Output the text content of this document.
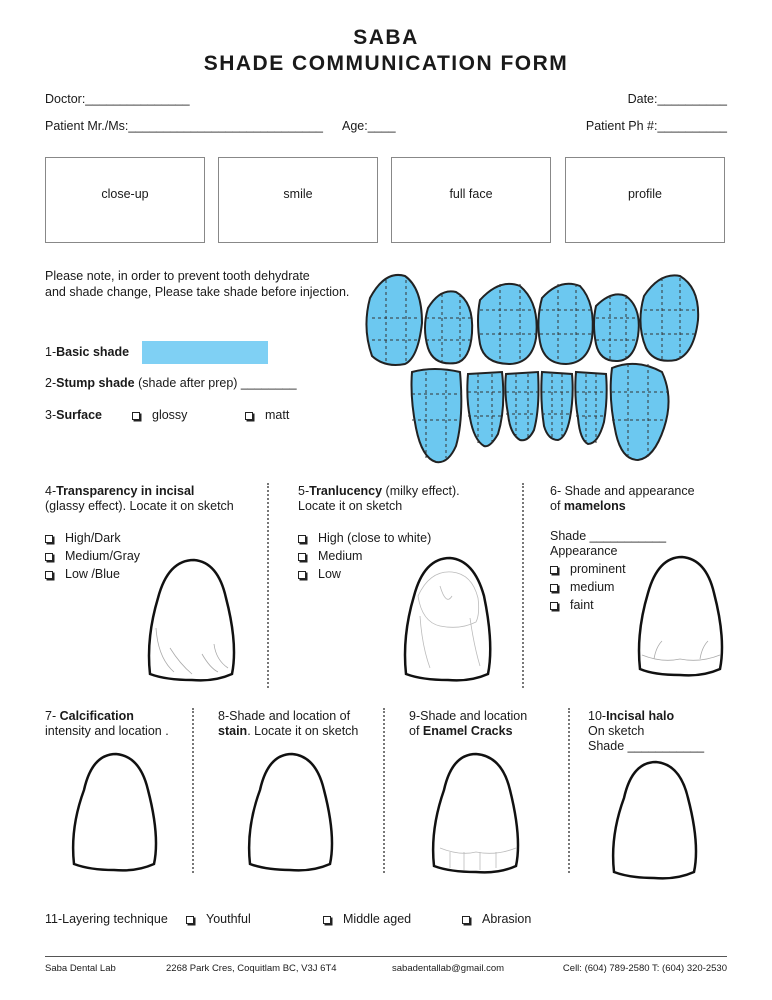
SABA
SHADE COMMUNICATION FORM
Doctor:_______________	Date:__________
Patient Mr./Ms:____________________________ Age:____	Patient Ph #:__________
close-up	smile	full face	profile
Please note, in order to prevent tooth dehydrate
and shade change, Please take shade before injection.
1-Basic shade
2-Stump shade (shade after prep) ________
3-Surface	glossy	matt
4-Transparency in incisal
(glassy effect). Locate it on sketch
High/Dark
Medium/Gray
Low /Blue
5-Tranlucency (milky effect).
Locate it on sketch
High (close to white)
Medium
Low
6- Shade and appearance
of mamelons
Shade ___________
Appearance
prominent
medium
faint
7- Calcification
intensity and location .
8-Shade and location of
stain. Locate it on sketch
9-Shade and location
of Enamel Cracks
10-Incisal halo
On sketch
Shade ___________
11-Layering technique	Youthful	Middle aged	Abrasion
Saba Dental Lab	2268 Park Cres, Coquitlam BC, V3J 6T4	sabadentallab@gmail.com	Cell: (604) 789-2580 T: (604) 320-2530
